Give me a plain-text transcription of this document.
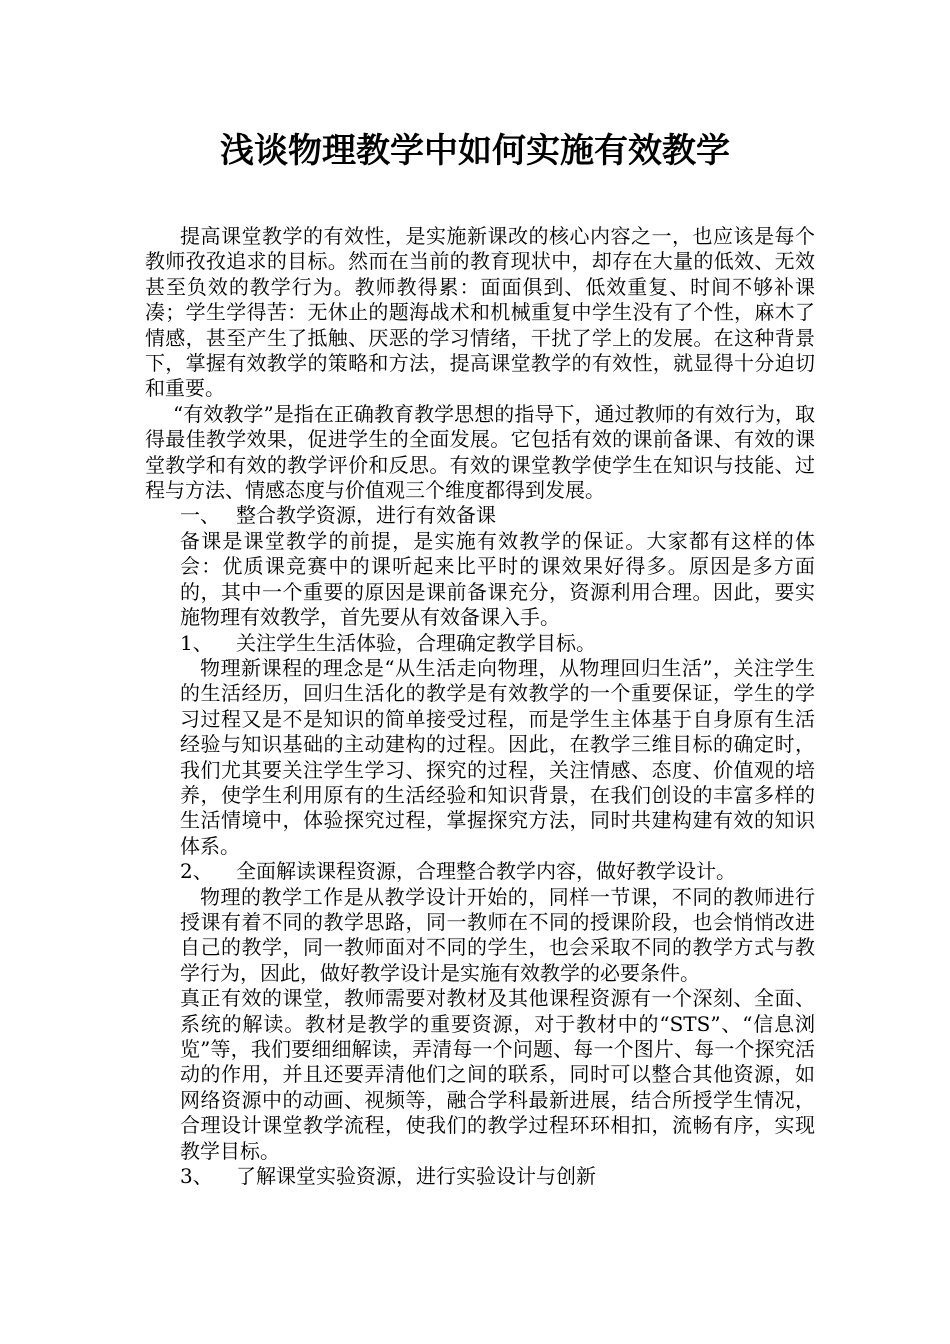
浅谈物理教学中如何实施有效教学

提高课堂教学的有效性，是实施新课改的核心内容之一，也应该是每个教师孜孜追求的目标。然而在当前的教育现状中，却存在大量的低效、无效甚至负效的教学行为。教师教得累：面面俱到、低效重复、时间不够补课凑；学生学得苦：无休止的题海战术和机械重复中学生没有了个性，麻木了情感，甚至产生了抵触、厌恶的学习情绪，干扰了学上的发展。在这种背景下，掌握有效教学的策略和方法，提高课堂教学的有效性，就显得十分迫切和重要。

“有效教学”是指在正确教育教学思想的指导下，通过教师的有效行为，取得最佳教学效果，促进学生的全面发展。它包括有效的课前备课、有效的课堂教学和有效的教学评价和反思。有效的课堂教学使学生在知识与技能、过程与方法、情感态度与价值观三个维度都得到发展。

一、 整合教学资源，进行有效备课

备课是课堂教学的前提，是实施有效教学的保证。大家都有这样的体会：优质课竞赛中的课听起来比平时的课效果好得多。原因是多方面的，其中一个重要的原因是课前备课充分，资源利用合理。因此，要实施物理有效教学，首先要从有效备课入手。

1、 关注学生生活体验，合理确定教学目标。

物理新课程的理念是“从生活走向物理，从物理回归生活”，关注学生的生活经历，回归生活化的教学是有效教学的一个重要保证，学生的学习过程又是不是知识的简单接受过程，而是学生主体基于自身原有生活经验与知识基础的主动建构的过程。因此，在教学三维目标的确定时，我们尤其要关注学生学习、探究的过程，关注情感、态度、价值观的培养，使学生利用原有的生活经验和知识背景，在我们创设的丰富多样的生活情境中，体验探究过程，掌握探究方法，同时共建构建有效的知识体系。

2、 全面解读课程资源，合理整合教学内容，做好教学设计。

物理的教学工作是从教学设计开始的，同样一节课，不同的教师进行授课有着不同的教学思路，同一教师在不同的授课阶段，也会悄悄改进自己的教学，同一教师面对不同的学生，也会采取不同的教学方式与教学行为，因此，做好教学设计是实施有效教学的必要条件。

真正有效的课堂，教师需要对教材及其他课程资源有一个深刻、全面、系统的解读。教材是教学的重要资源，对于教材中的“STS”、“信息浏览”等，我们要细细解读，弄清每一个问题、每一个图片、每一个探究活动的作用，并且还要弄清他们之间的联系，同时可以整合其他资源，如网络资源中的动画、视频等，融合学科最新进展，结合所授学生情况，合理设计课堂教学流程，使我们的教学过程环环相扣，流畅有序，实现教学目标。

3、 了解课堂实验资源，进行实验设计与创新
